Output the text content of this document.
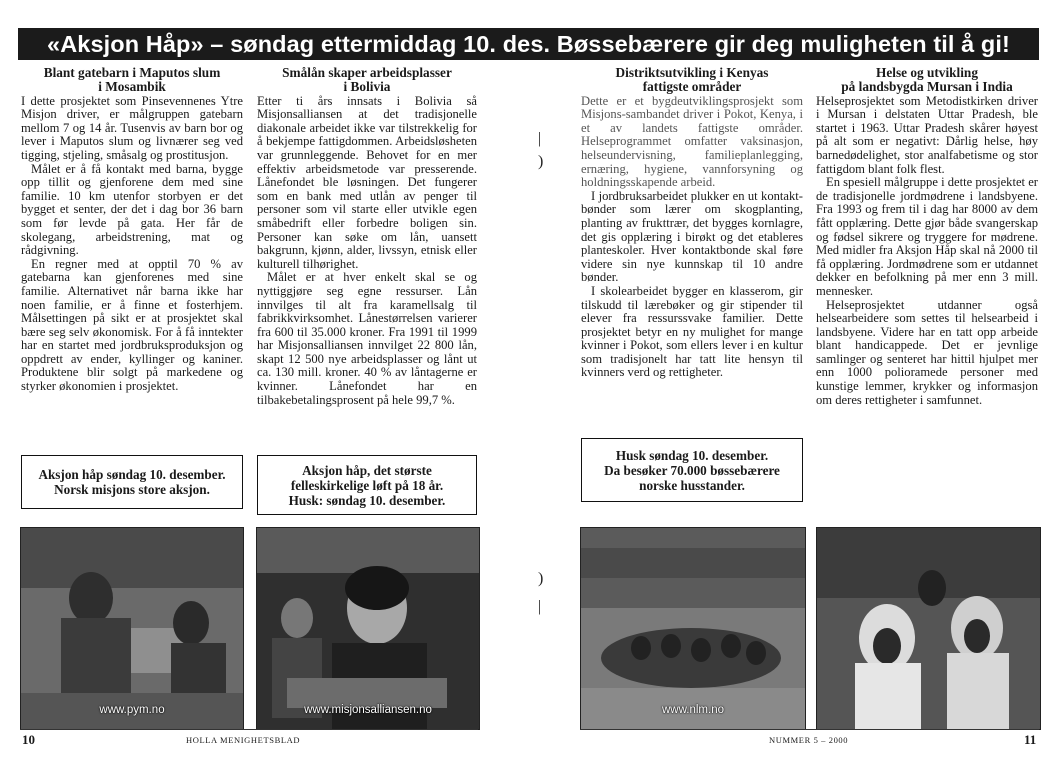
«Aksjon Håp» – søndag ettermiddag 10. des. Bøssebærere gir deg muligheten til å gi!
Blant gatebarn i Maputos slum
i Mosambik

I dette prosjektet som Pinsevennenes Ytre Misjon driver, er målgruppen gatebarn mellom 7 og 14 år. Tusenvis av barn bor og lever i Maputos slum og livnærer seg ved tigging, stjeling, småsalg og prostitusjon.

Målet er å få kontakt med barna, bygge opp tillit og gjenforene dem med sine familie. 10 km utenfor storbyen er det bygget et senter, der det i dag bor 36 barn som før levde på gata. Her får de skolegang, arbeidstrening, mat og rådgivning.

En regner med at opptil 70 % av gatebarna kan gjenforenes med sine familie. Alternativet når barna ikke har noen familie, er å finne et fosterhjem. Målsettingen på sikt er at prosjektet skal bære seg selv økonomisk. For å få inntekter har en startet med jordbruksproduksjon og oppdrett av ender, kyllinger og kaniner. Produktene blir solgt på markedene og styrker økonomien i prosjektet.

Smålån skaper arbeidsplasser
i Bolivia

Etter ti års innsats i Bolivia så Misjonsalliansen at det tradisjonelle diakonale arbeidet ikke var tilstrekkelig for å bekjempe fattigdommen. Arbeidsløsheten var grunnleggende. Behovet for en mer effektiv arbeidsmetode var presserende. Lånefondet ble løsningen. Det fungerer som en bank med utlån av penger til personer som vil starte eller utvikle egen småbedrift eller forbedre boligen sin. Personer kan søke om lån, uansett bakgrunn, kjønn, alder, livssyn, etnisk eller kulturell tilhørighet.

Målet er at hver enkelt skal se og nyttiggjøre seg egne ressurser. Lån innvilges til alt fra karamellsalg til fabrikkvirksomhet. Lånestørrelsen varierer fra 600 til 35.000 kroner. Fra 1991 til 1999 har Misjonsalliansen innvilget 22 800 lån, skapt 12 500 nye arbeidsplasser og lånt ut ca. 130 mill. kroner. 40 % av låntagerne er kvinner. Lånefondet har en tilbakebetalingsprosent på hele 99,7 %.

Distriktsutvikling i Kenyas
fattigste områder

Dette er et bygdeutviklingsprosjekt som Misjons-sambandet driver i Pokot, Kenya, i et av landets fattigste områder. Helseprogrammet omfatter vaksinasjon, helseundervisning, familieplanlegging, ernæring, hygiene, vannforsyning og holdningsskapende arbeid.

I jordbruksarbeidet plukker en ut kontakt-bønder som lærer om skogplanting, planting av frukttrær, det bygges kornlagre, det gis opplæring i birøkt og det etableres planteskoler. Hver kontaktbonde skal føre videre sin nye kunnskap til 10 andre bønder.

I skolearbeidet bygger en klasserom, gir tilskudd til lærebøker og gir stipender til elever fra ressurssvake familier. Dette prosjektet betyr en ny mulighet for mange kvinner i Pokot, som ellers lever i en kultur som tradisjonelt har tatt lite hensyn til kvinners verd og rettigheter.

Helse og utvikling
på landsbygda Mursan i India

Helseprosjektet som Metodistkirken driver i Mursan i delstaten Uttar Pradesh, ble startet i 1963. Uttar Pradesh skårer høyest på alt som er negativt: Dårlig helse, høy barnedødelighet, stor analfabetisme og stor fattigdom blant folk flest.

En spesiell målgruppe i dette prosjektet er de tradisjonelle jordmødrene i landsbyene. Fra 1993 og frem til i dag har 8000 av dem fått opplæring. Dette gjør både svangerskap og fødsel sikrere og tryggere for mødrene. Med midler fra Aksjon Håp skal nå 2000 til få opplæring. Jordmødrene som er utdannet dekker en befolkning på mer enn 3 mill. mennesker.

Helseprosjektet utdanner også helsearbeidere som settes til helsearbeid i landsbyene. Videre har en tatt opp arbeide blant handicappede. Det er jevnlige samlinger og senteret har hittil hjulpet mer enn 1000 polioramede personer med kunstige lemmer, krykker og informasjon om deres rettigheter i samfunnet.

Aksjon håp søndag 10. desember.
Norsk misjons store aksjon.
Aksjon håp, det største
felleskirkelige løft på 18 år.
Husk: søndag 10. desember.
Husk søndag 10. desember.
Da besøker 70.000 bøssebærere
norske husstander.
www.pym.no	www.misjonsalliansen.no	www.nlm.no
|
)
)
|
10	HOLLA MENIGHETSBLAD	NUMMER 5 – 2000	11
